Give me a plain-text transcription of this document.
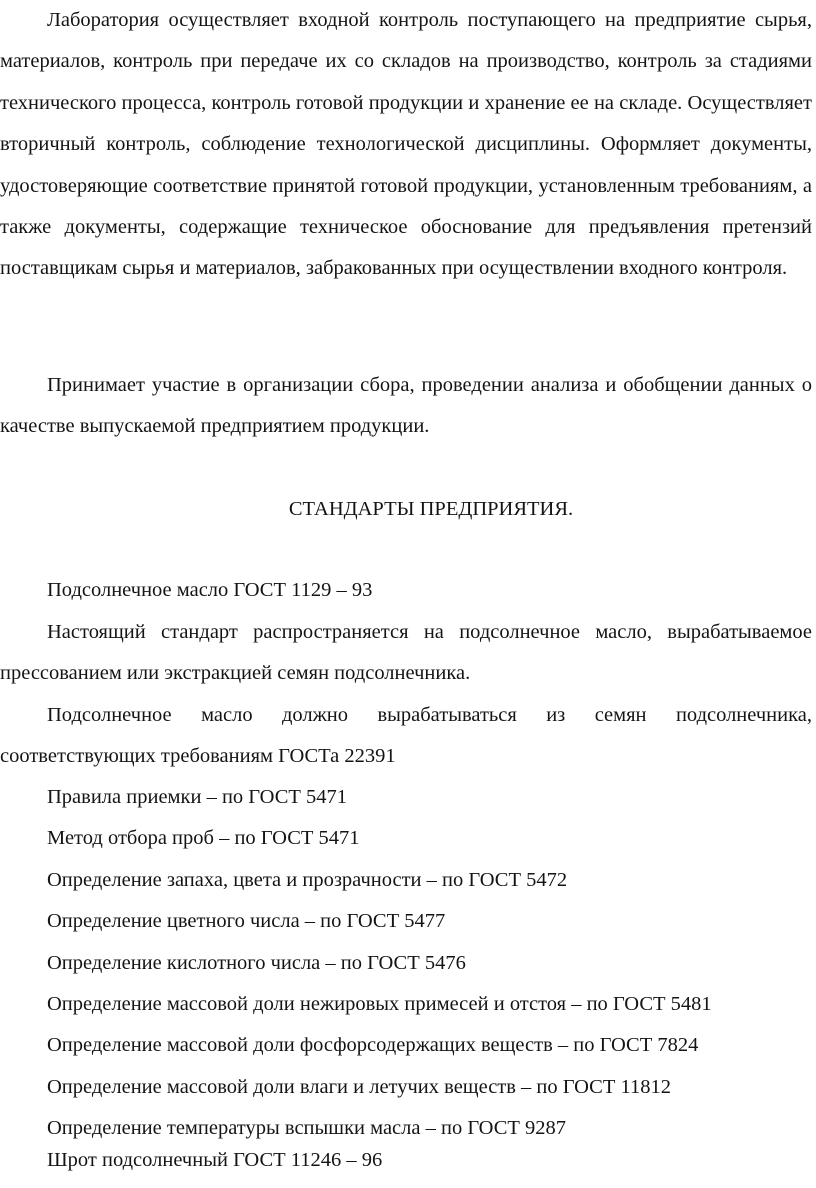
Лаборатория осуществляет входной контроль поступающего на предприятие сырья, материалов, контроль при передаче их со складов на производство, контроль за стадиями технического процесса, контроль готовой продукции и хранение ее на складе. Осуществляет вторичный контроль, соблюдение технологической дисциплины. Оформляет документы, удостоверяющие соответствие принятой готовой продукции, установленным требованиям, а также документы, содержащие техническое обоснование для предъявления претензий поставщикам сырья и материалов, забракованных при осуществлении входного контроля.

Принимает участие в организации сбора, проведении анализа и обобщении данных о качестве выпускаемой предприятием продукции.

СТАНДАРТЫ ПРЕДПРИЯТИЯ.
Подсолнечное масло ГОСТ 1129 – 93
Настоящий стандарт распространяется на подсолнечное масло, вырабатываемое прессованием или экстракцией семян подсолнечника.
Подсолнечное масло должно вырабатываться из семян подсолнечника, соответствующих требованиям ГОСТа 22391
Правила приемки – по ГОСТ 5471
Метод отбора проб – по ГОСТ 5471
Определение запаха, цвета и прозрачности – по ГОСТ 5472
Определение цветного числа – по ГОСТ 5477
Определение кислотного числа – по ГОСТ 5476
Определение массовой доли нежировых примесей и отстоя – по ГОСТ 5481
Определение массовой доли фосфорсодержащих веществ – по ГОСТ 7824
Определение массовой доли влаги и летучих веществ – по ГОСТ 11812
Определение температуры вспышки масла – по ГОСТ 9287
Шрот подсолнечный ГОСТ 11246 – 96
